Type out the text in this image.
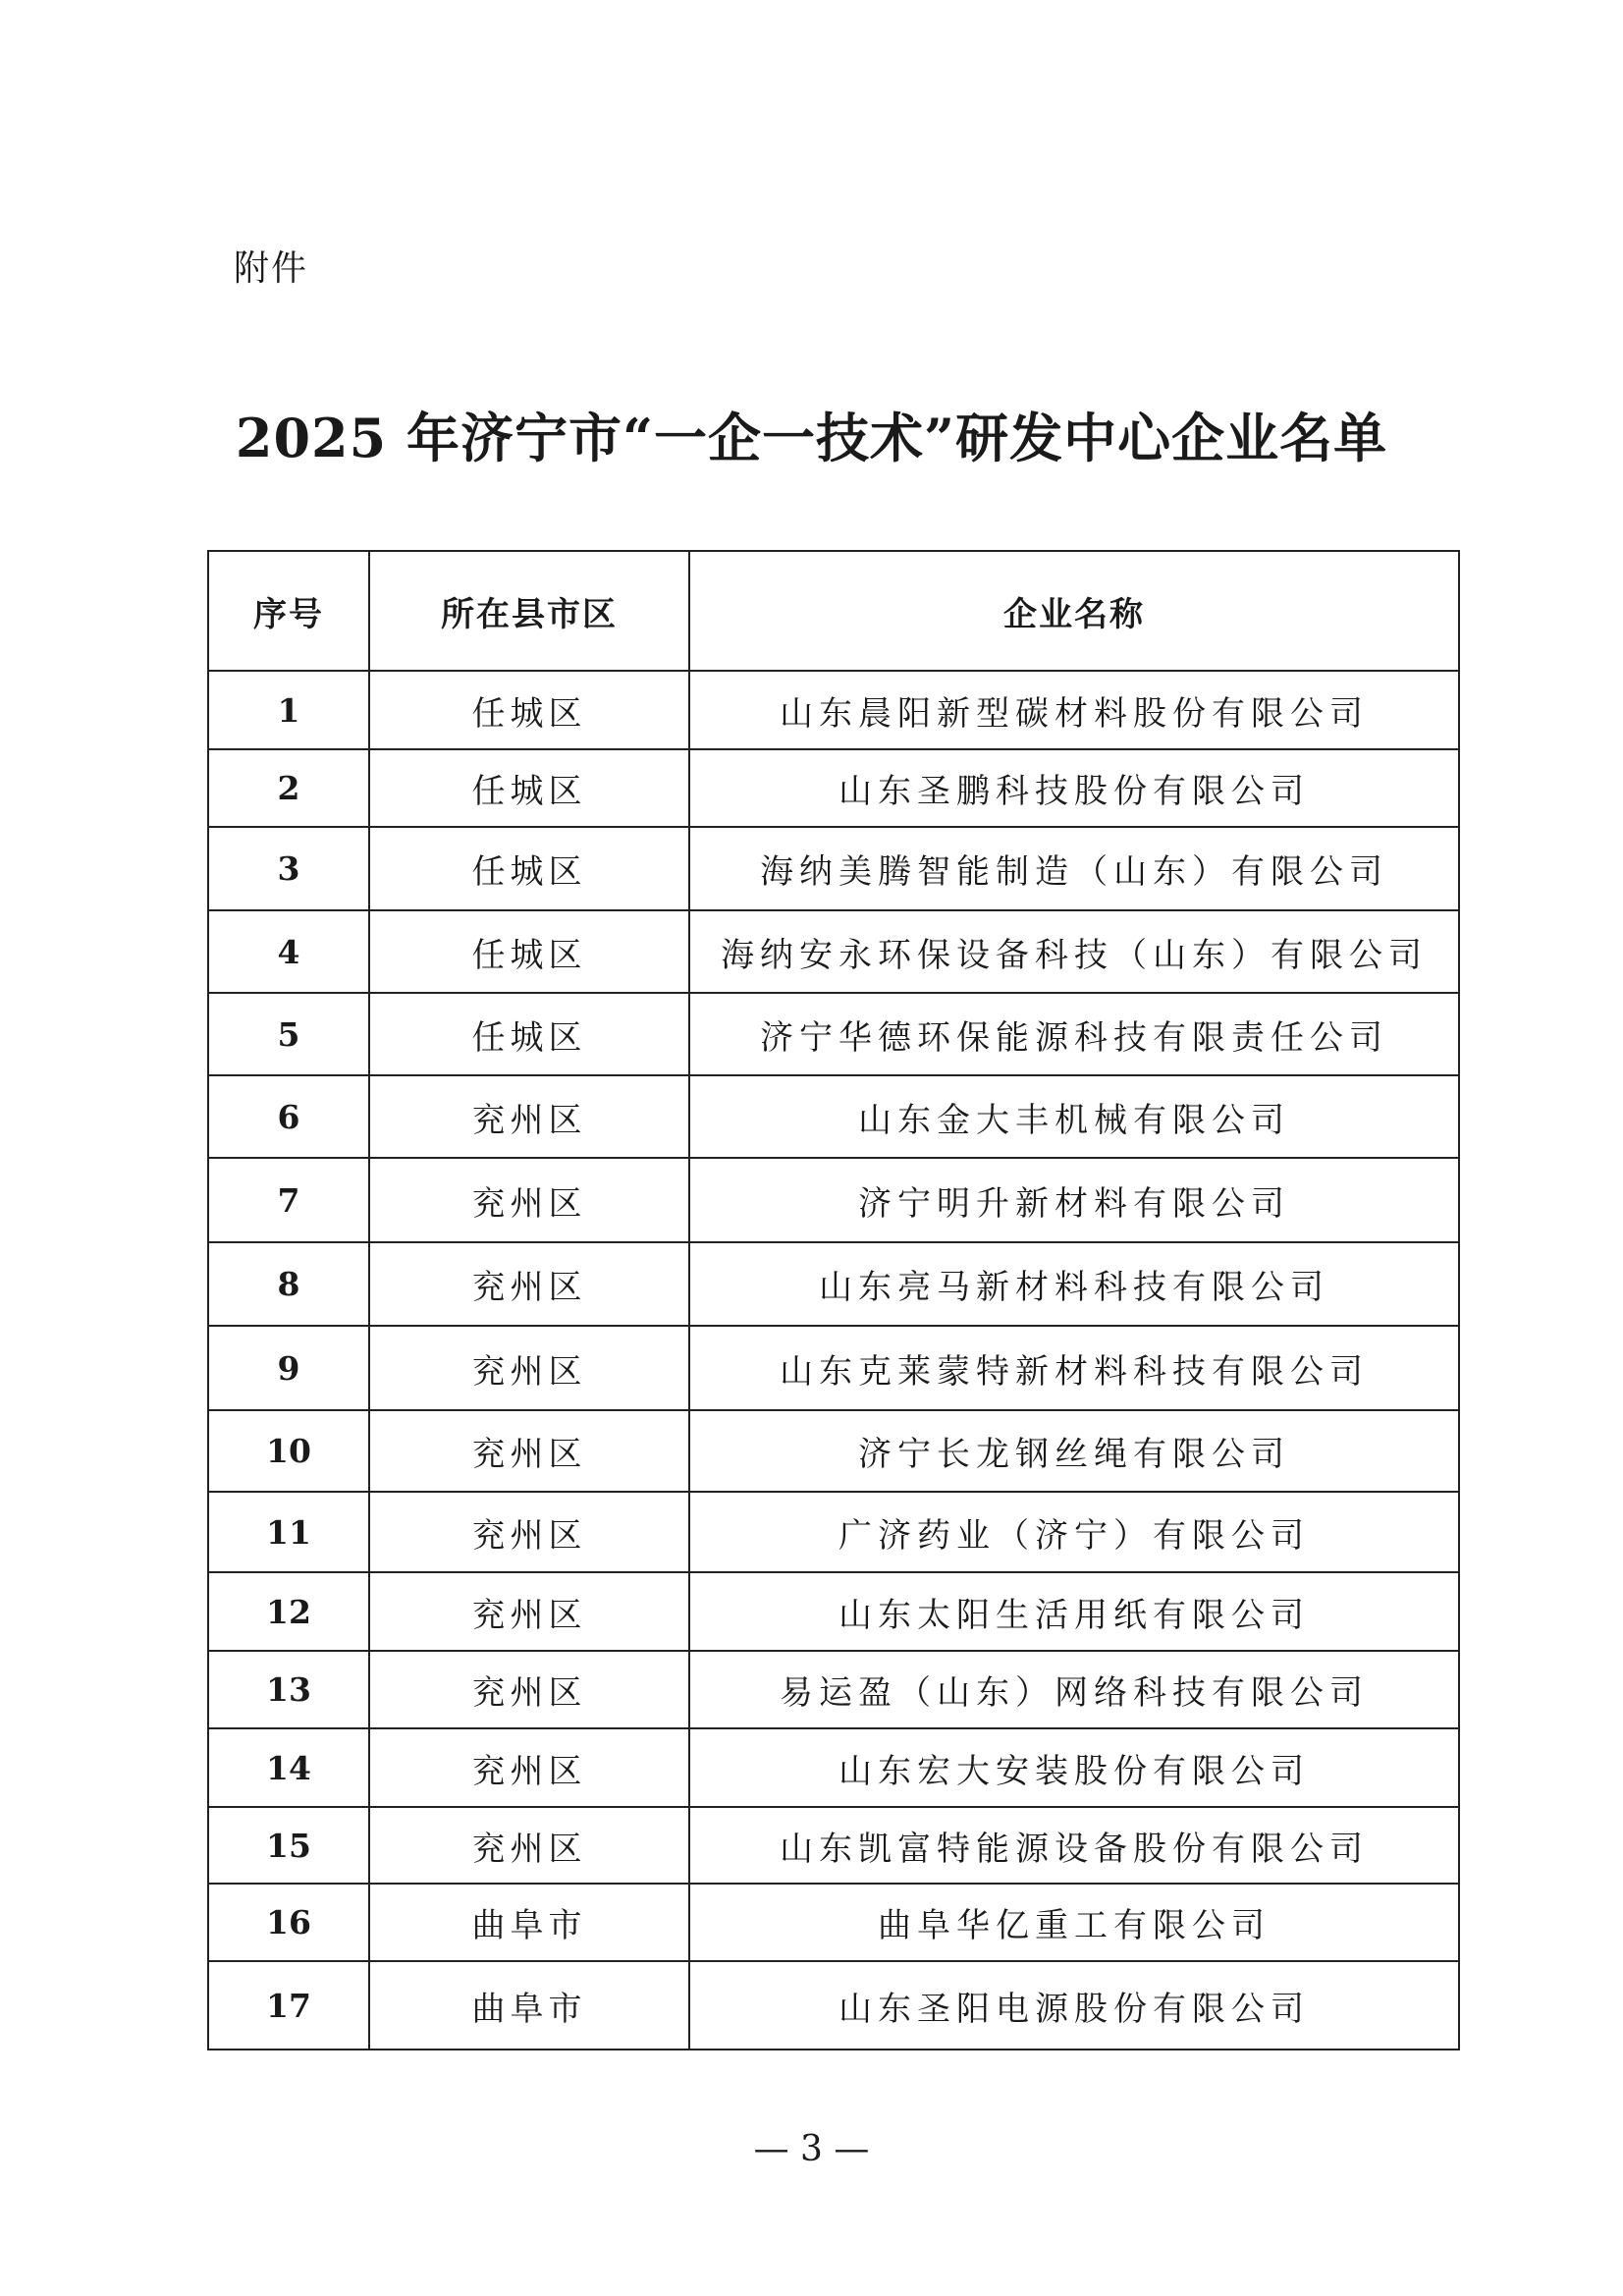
附件
2025 年济宁市“一企一技术”研发中心企业名单
序号	所在县市区	企业名称
1	任城区	山东晨阳新型碳材料股份有限公司
2	任城区	山东圣鹏科技股份有限公司
3	任城区	海纳美腾智能制造（山东）有限公司
4	任城区	海纳安永环保设备科技（山东）有限公司
5	任城区	济宁华德环保能源科技有限责任公司
6	兖州区	山东金大丰机械有限公司
7	兖州区	济宁明升新材料有限公司
8	兖州区	山东亮马新材料科技有限公司
9	兖州区	山东克莱蒙特新材料科技有限公司
10	兖州区	济宁长龙钢丝绳有限公司
11	兖州区	广济药业（济宁）有限公司
12	兖州区	山东太阳生活用纸有限公司
13	兖州区	易运盈（山东）网络科技有限公司
14	兖州区	山东宏大安装股份有限公司
15	兖州区	山东凯富特能源设备股份有限公司
16	曲阜市	曲阜华亿重工有限公司
17	曲阜市	山东圣阳电源股份有限公司
— 3 —
